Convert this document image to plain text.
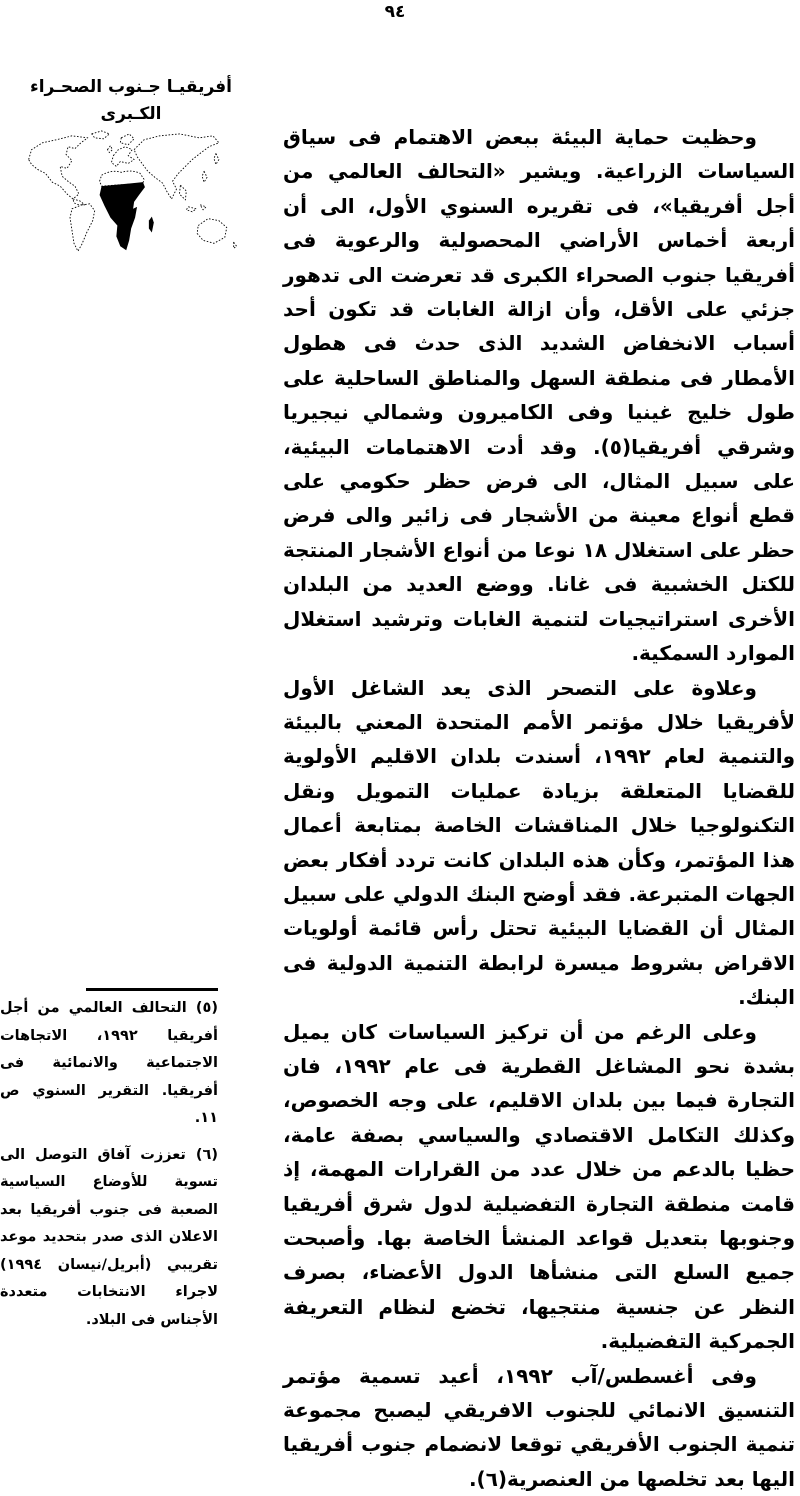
٩٤
أفريقيـا جـنوب الصحـراء
الكـبرى

وحظيت حماية البيئة ببعض الاهتمام فى سياق السياسات الزراعية. ويشير «التحالف العالمي من أجل أفريقيا»، فى تقريره السنوي الأول، الى أن أربعة أخماس الأراضي المحصولية والرعوية فى أفريقيا جنوب الصحراء الكبرى قد تعرضت الى تدهور جزئي على الأقل، وأن ازالة الغابات قد تكون أحد أسباب الانخفاض الشديد الذى حدث فى هطول الأمطار فى منطقة السهل والمناطق الساحلية على طول خليج غينيا وفى الكاميرون وشمالي نيجيريا وشرقي أفريقيا(٥). وقد أدت الاهتمامات البيئية، على سبيل المثال، الى فرض حظر حكومي على قطع أنواع معينة من الأشجار فى زائير والى فرض حظر على استغلال ١٨ نوعا من أنواع الأشجار المنتجة للكتل الخشبية فى غانا. ووضع العديد من البلدان الأخرى استراتيجيات لتنمية الغابات وترشيد استغلال الموارد السمكية.

وعلاوة على التصحر الذى يعد الشاغل الأول لأفريقيا خلال مؤتمر الأمم المتحدة المعني بالبيئة والتنمية لعام ١٩٩٢، أسندت بلدان الاقليم الأولوية للقضايا المتعلقة بزيادة عمليات التمويل ونقل التكنولوجيا خلال المناقشات الخاصة بمتابعة أعمال هذا المؤتمر، وكأن هذه البلدان كانت تردد أفكار بعض الجهات المتبرعة. فقد أوضح البنك الدولي على سبيل المثال أن القضايا البيئية تحتل رأس قائمة أولويات الاقراض بشروط ميسرة لرابطة التنمية الدولية فى البنك.

وعلى الرغم من أن تركيز السياسات كان يميل بشدة نحو المشاغل القطرية فى عام ١٩٩٢، فان التجارة فيما بين بلدان الاقليم، على وجه الخصوص، وكذلك التكامل الاقتصادي والسياسي بصفة عامة، حظيا بالدعم من خلال عدد من القرارات المهمة، إذ قامت منطقة التجارة التفضيلية لدول شرق أفريقيا وجنوبها بتعديل قواعد المنشأ الخاصة بها. وأصبحت جميع السلع التى منشأها الدول الأعضاء، بصرف النظر عن جنسية منتجيها، تخضع لنظام التعريفة الجمركية التفضيلية.

وفى أغسطس/آب ١٩٩٢، أعيد تسمية مؤتمر التنسيق الانمائي للجنوب الافريقي ليصبح مجموعة تنمية الجنوب الأفريقي توقعا لانضمام جنوب أفريقيا اليها بعد تخلصها من العنصرية(٦).

(٥) التحالف العالمي من أجل أفريقيا ١٩٩٢، الاتجاهات الاجتماعية والانمائية فى أفريقيا. التقرير السنوي ص ١١.
(٦) تعززت آفاق التوصل الى تسوية للأوضاع السياسية الصعبة فى جنوب أفريقيا بعد الاعلان الذى صدر بتحديد موعد تقريبي (أبريل/نيسان ١٩٩٤) لاجراء الانتخابات متعددة الأجناس فى البلاد.
